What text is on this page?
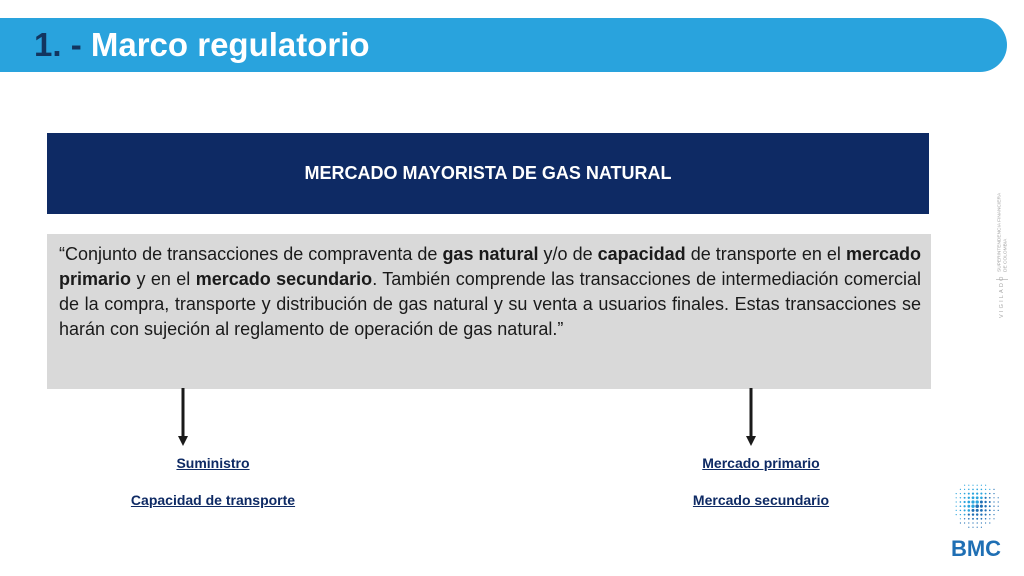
1. - Marco regulatorio
MERCADO MAYORISTA DE GAS NATURAL

“Conjunto de transacciones de compraventa de gas natural y/o de capacidad de transporte en el mercado primario y en el mercado secundario. También comprende las transacciones de intermediación comercial de la compra, transporte y distribución de gas natural y su venta a usuarios finales. Estas transacciones se harán con sujeción al reglamento de operación de gas natural.”

Suministro
Capacidad de transporte
Mercado primario
Mercado secundario
VIGILADO
SUPERINTENDENCIA FINANCIERA DE COLOMBIA
BMC
